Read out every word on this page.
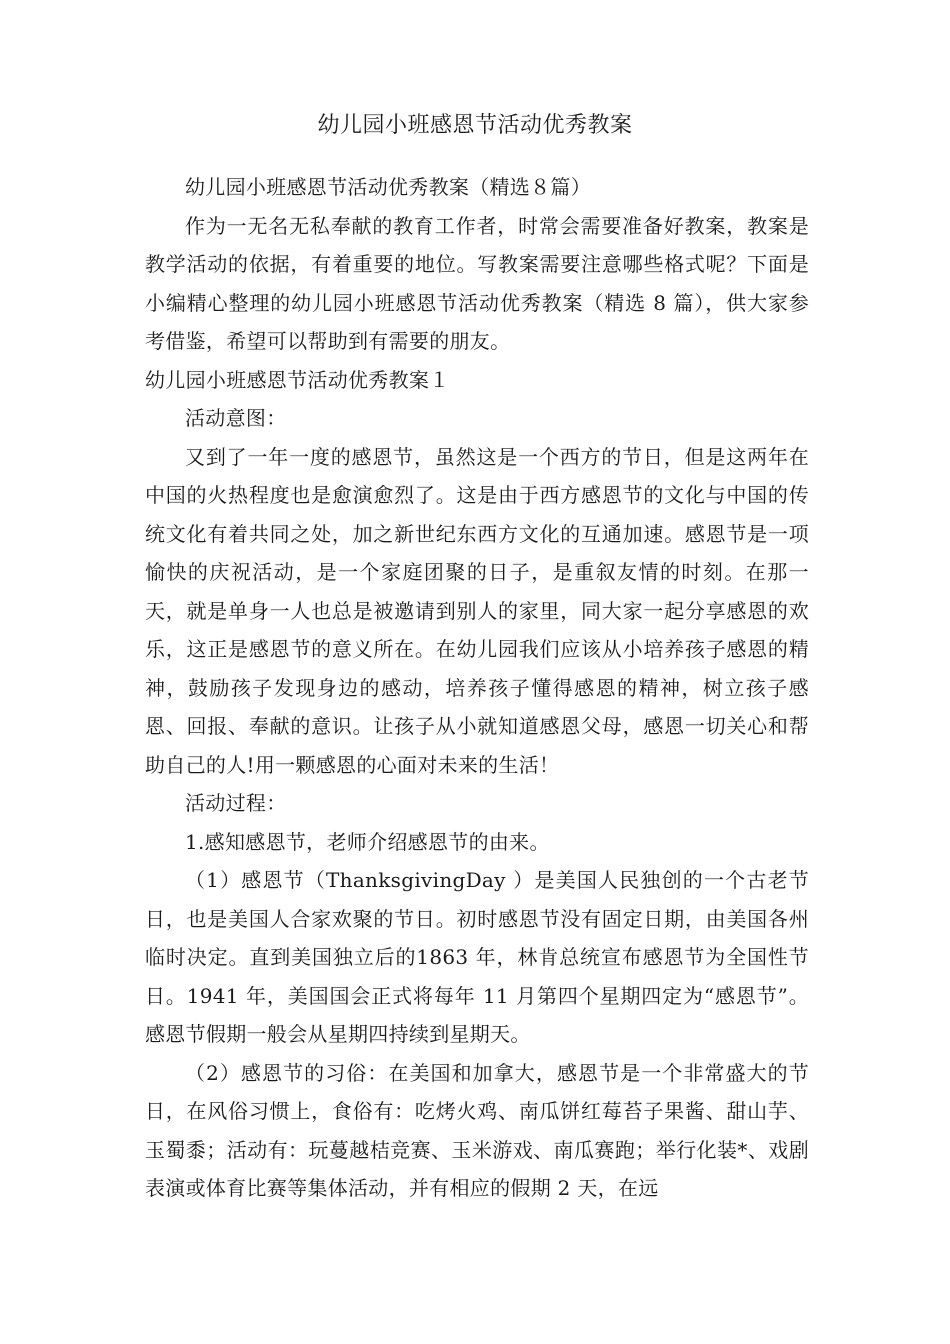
幼儿园小班感恩节活动优秀教案

幼儿园小班感恩节活动优秀教案（精选８篇）

作为一无名无私奉献的教育工作者，时常会需要准备好教案，教案是教学活动的依据，有着重要的地位。写教案需要注意哪些格式呢？下面是小编精心整理的幼儿园小班感恩节活动优秀教案（精选 8 篇），供大家参考借鉴，希望可以帮助到有需要的朋友。

幼儿园小班感恩节活动优秀教案１

活动意图：

又到了一年一度的感恩节，虽然这是一个西方的节日，但是这两年在中国的火热程度也是愈演愈烈了。这是由于西方感恩节的文化与中国的传统文化有着共同之处，加之新世纪东西方文化的互通加速。感恩节是一项愉快的庆祝活动，是一个家庭团聚的日子，是重叙友情的时刻。在那一天，就是单身一人也总是被邀请到别人的家里，同大家一起分享感恩的欢乐，这正是感恩节的意义所在。在幼儿园我们应该从小培养孩子感恩的精神，鼓励孩子发现身边的感动，培养孩子懂得感恩的精神，树立孩子感恩、回报、奉献的意识。让孩子从小就知道感恩父母，感恩一切关心和帮助自己的人!用一颗感恩的心面对未来的生活！

活动过程：

1.感知感恩节，老师介绍感恩节的由来。

（1）感恩节（ThanksgivingDay ）是美国人民独创的一个古老节日，也是美国人合家欢聚的节日。初时感恩节没有固定日期，由美国各州临时决定。直到美国独立后的1863 年，林肯总统宣布感恩节为全国性节日。1941 年，美国国会正式将每年 11 月第四个星期四定为“感恩节”。感恩节假期一般会从星期四持续到星期天。

（2）感恩节的习俗：在美国和加拿大，感恩节是一个非常盛大的节日，在风俗习惯上，食俗有：吃烤火鸡、南瓜饼红莓苔子果酱、甜山芋、玉蜀黍；活动有：玩蔓越桔竞赛、玉米游戏、南瓜赛跑；举行化装*、戏剧表演或体育比赛等集体活动，并有相应的假期 2 天，在远
